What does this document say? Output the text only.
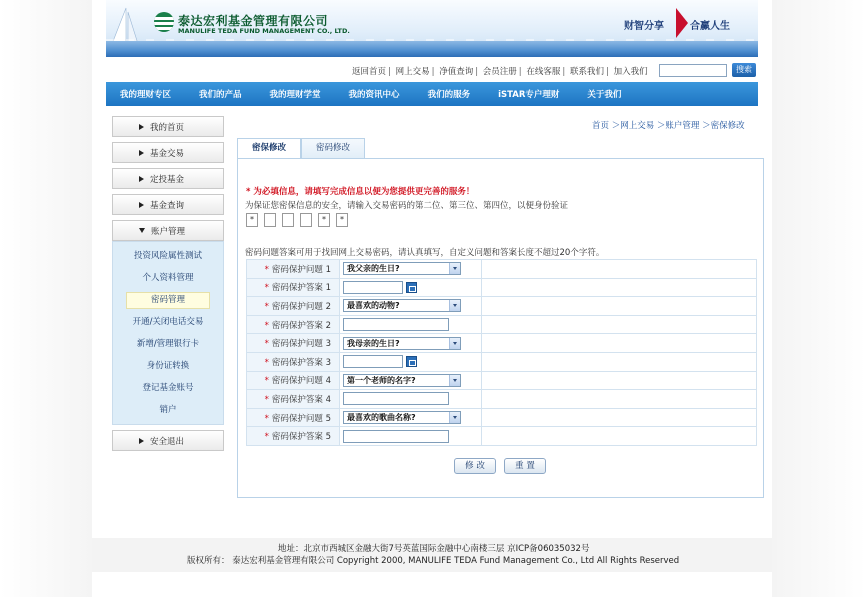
泰达宏利基金管理有限公司
MANULIFE TEDA FUND MANAGEMENT CO., LTD.	财智分享	合赢人生
返回首页 | 网上交易 | 净值查询 | 会员注册 | 在线客服 | 联系我们 | 加入我们	搜索
我的理财专区	我们的产品	我的理财学堂	我的资讯中心	我们的服务	iSTAR专户理财	关于我们
我的首页
基金交易
定投基金
基金查询
账户管理
投资风险属性测试
个人资料管理
密码管理
开通/关闭电话交易
新增/管理银行卡
身份证转换
登记基金账号
销户
安全退出
首页 ＞网上交易 ＞账户管理 ＞密保修改
密保修改	密码修改
* 为必填信息，请填写完成信息以便为您提供更完善的服务！
为保证您密保信息的安全，请输入交易密码的第二位、第三位、第四位，以便身份验证
*	*	*
密码问题答案可用于找回网上交易密码，请认真填写，自定义问题和答案长度不超过20个字符。
* 密码保护问题 1	我父亲的生日?	

* 密码保护答案 1		
* 密码保护问题 2	最喜欢的动物?	

* 密码保护答案 2		
* 密码保护问题 3	我母亲的生日?	

* 密码保护答案 3		
* 密码保护问题 4	第一个老师的名字?	

* 密码保护答案 4		
* 密码保护问题 5	最喜欢的歌曲名称?	

* 密码保护答案 5		
修 改	重 置
地址：北京市西城区金融大街7号英蓝国际金融中心南楼三层 京ICP备06035032号
版权所有： 泰达宏利基金管理有限公司 Copyright 2000, MANULIFE TEDA Fund Management Co., Ltd All Rights Reserved
